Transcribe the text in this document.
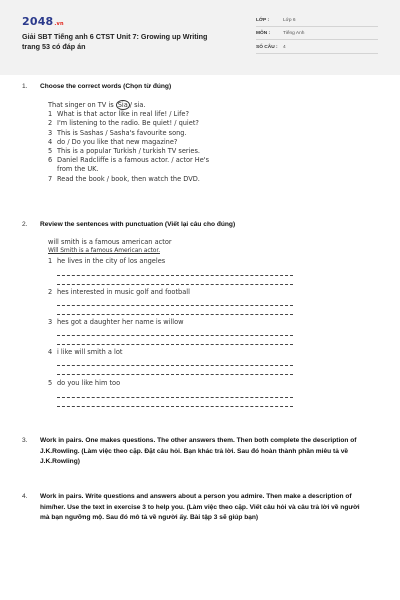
2048.vn
Giải SBT Tiếng anh 6 CTST Unit 7: Growing up Writing trang 53 có đáp án
LỚP :	Lớp 6
MÔN :	Tiếng Anh
SỐ CÂU : 4
1. Choose the correct words (Chọn từ đúng)
That singer on TV is Sia / sia.
1 What is that actor like in real life! / Life?
2 I'm listening to the radio. Be quiet! / quiet?
3 This is Sashas / Sasha's favourite song.
4 do / Do you like that new magazine?
5 This is a popular Turkish / turkish TV series.
6 Daniel Radcliffe is a famous actor. / actor He's
from the UK.
7 Read the book / book, then watch the DVD.
2. Review the sentences with punctuation (Viết lại câu cho đúng)
will smith is a famous american actor
Will Smith is a famous American actor.
1 he lives in the city of los angeles
2 hes interested in music golf and football
3 hes got a daughter her name is willow
4 i like will smith a lot
5 do you like him too
3. Work in pairs. One makes questions. The other answers them. Then both complete the description of J.K.Rowling. (Làm việc theo cặp. Đặt câu hỏi. Bạn khác trả lời. Sau đó hoàn thành phần miêu tả về J.K.Rowling)
4. Work in pairs. Write questions and answers about a person you admire. Then make a description of him/her. Use the text in exercise 3 to help you. (Làm việc theo cặp. Viết câu hỏi và câu trả lời về người mà bạn ngưỡng mộ. Sau đó mô tả về người ấy. Bài tập 3 sẽ giúp bạn)
